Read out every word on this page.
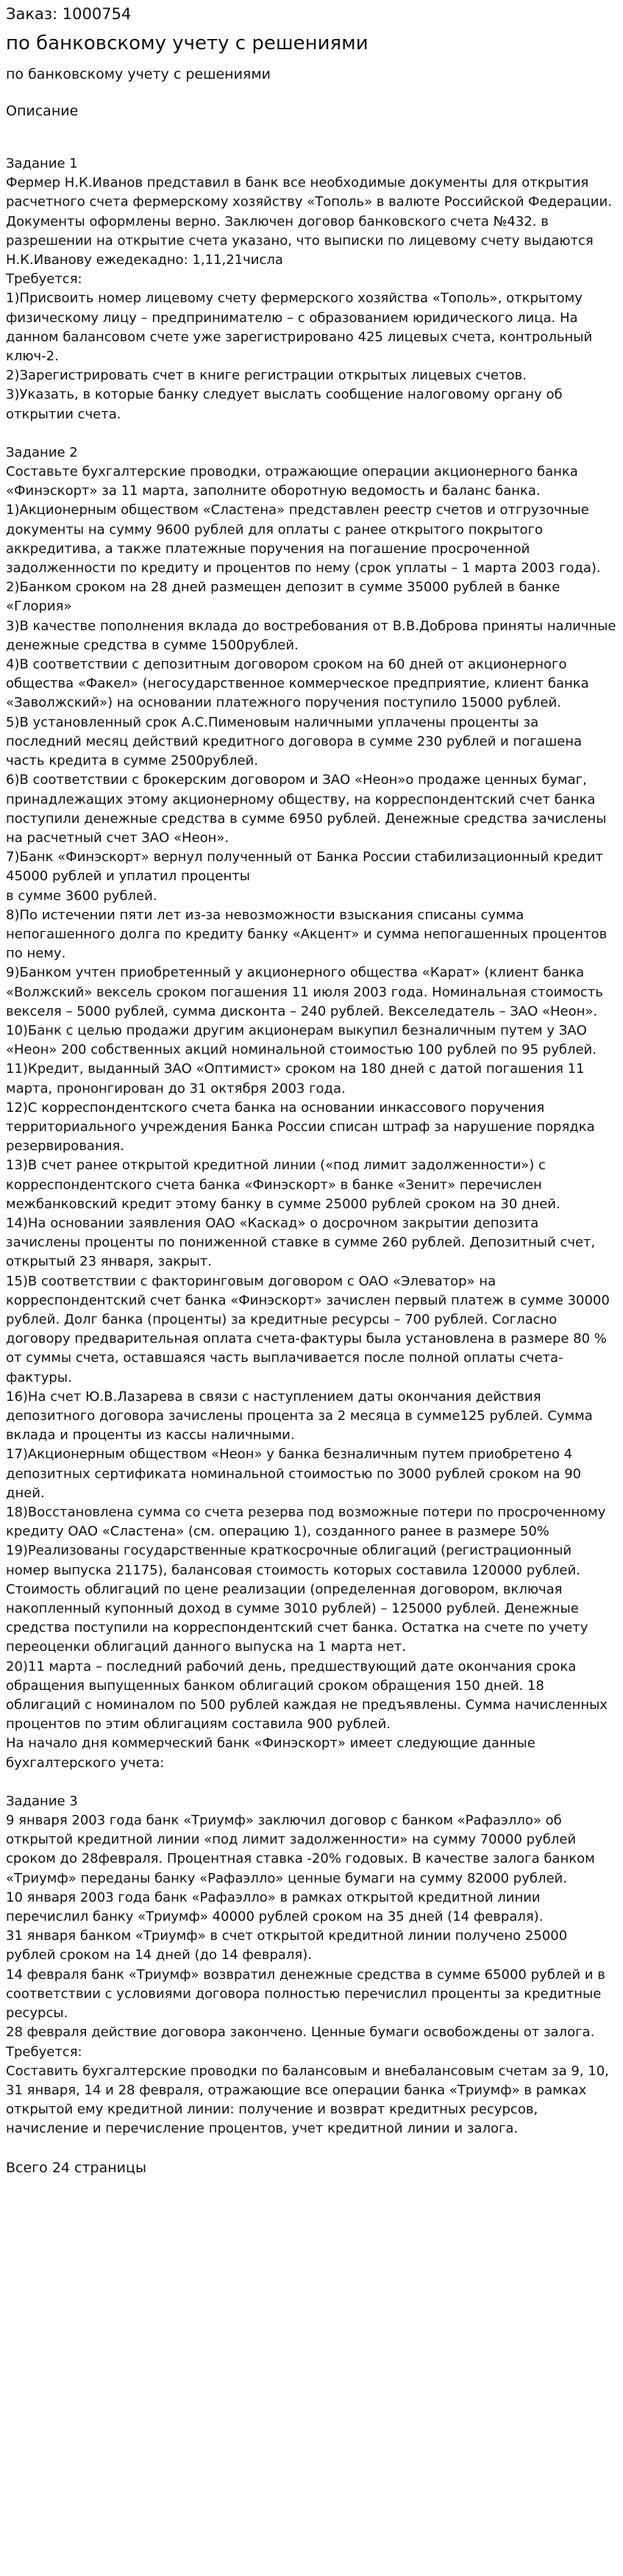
Заказ: 1000754
по банковскому учету с решениями
по банковскому учету с решениями
Описание

Задание 1

Фермер Н.К.Иванов представил в банк все необходимые документы для открытия расчетного счета фермерскому хозяйству «Тополь» в валюте Российской Федерации. Документы оформлены верно. Заключен договор банковского счета №432. в разрешении на открытие счета указано, что выписки по лицевому счету выдаются Н.К.Иванову ежедекадно: 1,11,21числа

Требуется:

1)Присвоить номер лицевому счету фермерского хозяйства «Тополь», открытому физическому лицу – предпринимателю – с образованием юридического лица. На данном балансовом счете уже зарегистрировано 425 лицевых счета, контрольный ключ-2.

2)Зарегистрировать счет в книге регистрации открытых лицевых счетов.

3)Указать, в которые банку следует выслать сообщение налоговому органу об открытии счета.

Задание 2

Составьте бухгалтерские проводки, отражающие операции акционерного банка «Финэскорт» за 11 марта, заполните оборотную ведомость и баланс банка.

1)Акционерным обществом «Сластена» представлен реестр счетов и отгрузочные документы на сумму 9600 рублей для оплаты с ранее открытого покрытого аккредитива, а также платежные поручения на погашение просроченной задолженности по кредиту и процентов по нему (срок уплаты – 1 марта 2003 года).

2)Банком сроком на 28 дней размещен депозит в сумме 35000 рублей в банке «Глория»

3)В качестве пополнения вклада до востребования от В.В.Доброва приняты наличные денежные средства в сумме 1500рублей.

4)В соответствии с депозитным договором сроком на 60 дней от акционерного общества «Факел» (негосударственное коммерческое предприятие, клиент банка «Заволжский») на основании платежного поручения поступило 15000 рублей.

5)В установленный срок А.С.Пименовым наличными уплачены проценты за последний месяц действий кредитного договора в сумме 230 рублей и погашена часть кредита в сумме 2500рублей.

6)В соответствии с брокерским договором и ЗАО «Неон»о продаже ценных бумаг, принадлежащих этому акционерному обществу, на корреспондентский счет банка поступили денежные средства в сумме 6950 рублей. Денежные средства зачислены на расчетный счет ЗАО «Неон».

7)Банк «Финэскорт» вернул полученный от Банка России стабилизационный кредит 45000 рублей и уплатил проценты

в сумме 3600 рублей.

8)По истечении пяти лет из-за невозможности взыскания списаны сумма непогашенного долга по кредиту банку «Акцент» и сумма непогашенных процентов по нему.

9)Банком учтен приобретенный у акционерного общества «Карат» (клиент банка «Волжский» вексель сроком погашения 11 июля 2003 года. Номинальная стоимость векселя – 5000 рублей, сумма дисконта – 240 рублей. Векселедатель – ЗАО «Неон».

10)Банк с целью продажи другим акционерам выкупил безналичным путем у ЗАО «Неон» 200 собственных акций номинальной стоимостью 100 рублей по 95 рублей.

11)Кредит, выданный ЗАО «Оптимист» сроком на 180 дней с датой погашения 11 марта, прононгирован до 31 октября 2003 года.

12)С корреспондентского счета банка на основании инкассового поручения территориального учреждения Банка России списан штраф за нарушение порядка резервирования.

13)В счет ранее открытой кредитной линии («под лимит задолженности») с корреспондентского счета банка «Финэскорт» в банке «Зенит» перечислен межбанковский кредит этому банку в сумме 25000 рублей сроком на 30 дней.

14)На основании заявления ОАО «Каскад» о досрочном закрытии депозита зачислены проценты по пониженной ставке в сумме 260 рублей. Депозитный счет, открытый 23 января, закрыт.

15)В соответствии с факторинговым договором с ОАО «Элеватор» на корреспондентский счет банка «Финэскорт» зачислен первый платеж в сумме 30000 рублей. Долг банка (проценты) за кредитные ресурсы – 700 рублей. Согласно договору предварительная оплата счета-фактуры была установлена в размере 80 % от суммы счета, оставшаяся часть выплачивается после полной оплаты счета-фактуры.

16)На счет Ю.В.Лазарева в связи с наступлением даты окончания действия депозитного договора зачислены процента за 2 месяца в сумме125 рублей. Сумма вклада и проценты из кассы наличными.

17)Акционерным обществом «Неон» у банка безналичным путем приобретено 4 депозитных сертификата номинальной стоимостью по 3000 рублей сроком на 90 дней.

18)Восстановлена сумма со счета резерва под возможные потери по просроченному кредиту ОАО «Сластена» (см. операцию 1), созданного ранее в размере 50%

19)Реализованы государственные краткосрочные облигаций (регистрационный номер выпуска 21175), балансовая стоимость которых составила 120000 рублей. Стоимость облигаций по цене реализации (определенная договором, включая накопленный купонный доход в сумме 3010 рублей) – 125000 рублей. Денежные средства поступили на корреспондентский счет банка. Остатка на счете по учету переоценки облигаций данного выпуска на 1 марта нет.

20)11 марта – последний рабочий день, предшествующий дате окончания срока обращения выпущенных банком облигаций сроком обращения 150 дней. 18 облигаций с номиналом по 500 рублей каждая не предъявлены. Сумма начисленных процентов по этим облигациям составила 900 рублей.

На начало дня коммерческий банк «Финэскорт» имеет следующие данные бухгалтерского учета:

Задание 3

9 января 2003 года банк «Триумф» заключил договор с банком «Рафаэлло» об открытой кредитной линии «под лимит задолженности» на сумму 70000 рублей сроком до 28февраля. Процентная ставка -20% годовых. В качестве залога банком «Триумф» переданы банку «Рафаэлло» ценные бумаги на сумму 82000 рублей.

10 января 2003 года банк «Рафаэлло» в рамках открытой кредитной линии перечислил банку «Триумф» 40000 рублей сроком на 35 дней (14 февраля).

31 января банком «Триумф» в счет открытой кредитной линии получено 25000 рублей сроком на 14 дней (до 14 февраля).

14 февраля банк «Триумф» возвратил денежные средства в сумме 65000 рублей и в соответствии с условиями договора полностью перечислил проценты за кредитные ресурсы.

28 февраля действие договора закончено. Ценные бумаги освобождены от залога.

Требуется:

Составить бухгалтерские проводки по балансовым и внебалансовым счетам за 9, 10, 31 января, 14 и 28 февраля, отражающие все операции банка «Триумф» в рамках открытой ему кредитной линии: получение и возврат кредитных ресурсов, начисление и перечисление процентов, учет кредитной линии и залога.

Всего 24 страницы
